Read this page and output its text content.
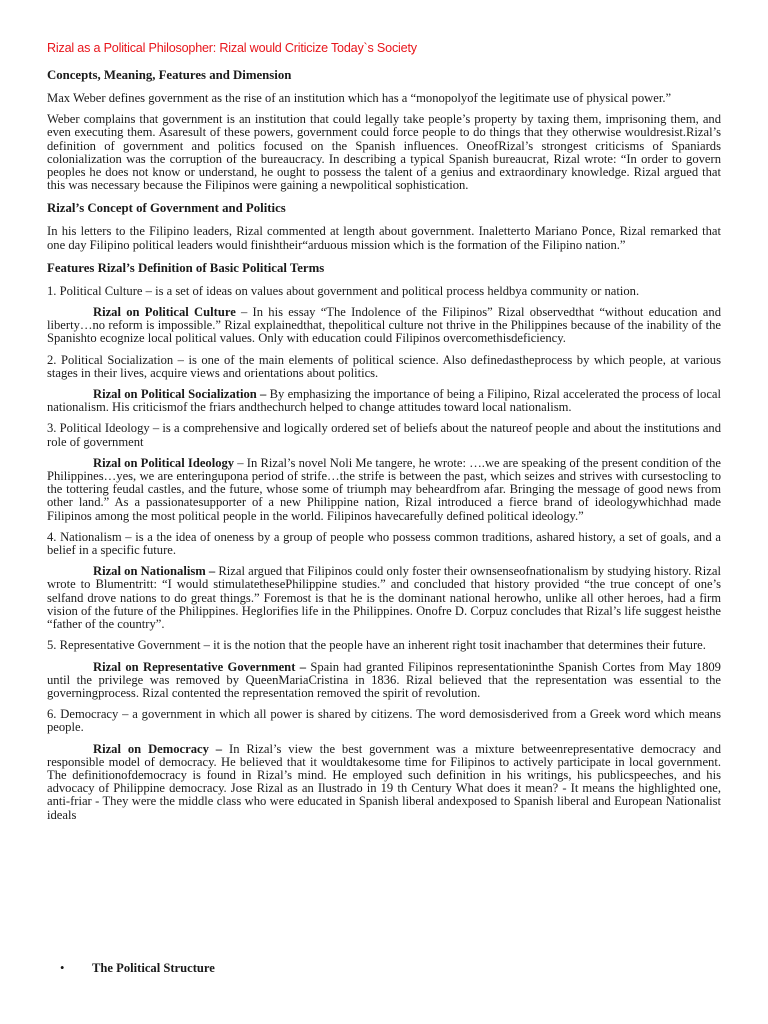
Rizal as a Political Philosopher: Rizal would Criticize Today`s Society
Concepts, Meaning, Features and Dimension

Max Weber defines government as the rise of an institution which has a “monopolyof the legitimate use of physical power.”

Weber complains that government is an institution that could legally take people’s property by taxing them, imprisoning them, and even executing them. Asaresult of these powers, government could force people to do things that they otherwise wouldresist.Rizal’s definition of government and politics focused on the Spanish influences. OneofRizal’s strongest criticisms of Spaniards colonialization was the corruption of the bureaucracy. In describing a typical Spanish bureaucrat, Rizal wrote: “In order to govern peoples he does not know or understand, he ought to possess the talent of a genius and extraordinary knowledge. Rizal argued that this was necessary because the Filipinos were gaining a newpolitical sophistication.

Rizal’s Concept of Government and Politics

In his letters to the Filipino leaders, Rizal commented at length about government. Inaletterto Mariano Ponce, Rizal remarked that one day Filipino political leaders would finishtheir“arduous mission which is the formation of the Filipino nation.”

Features Rizal’s Definition of Basic Political Terms

1. Political Culture – is a set of ideas on values about government and political process heldbya community or nation.

Rizal on Political Culture – In his essay “The Indolence of the Filipinos” Rizal observedthat “without education and liberty…no reform is impossible.” Rizal explainedthat, thepolitical culture not thrive in the Philippines because of the inability of the Spanishto ecognize local political values. Only with education could Filipinos overcomethisdeficiency.

2. Political Socialization – is one of the main elements of political science. Also definedastheprocess by which people, at various stages in their lives, acquire views and orientations about politics.

Rizal on Political Socialization – By emphasizing the importance of being a Filipino, Rizal accelerated the process of local nationalism. His criticismof the friars andthechurch helped to change attitudes toward local nationalism.

3. Political Ideology – is a comprehensive and logically ordered set of beliefs about the natureof people and about the institutions and role of government

Rizal on Political Ideology – In Rizal’s novel Noli Me tangere, he wrote: ….we are speaking of the present condition of the Philippines…yes, we are enteringupona period of strife…the strife is between the past, which seizes and strives with cursestocling to the tottering feudal castles, and the future, whose some of triumph may beheardfrom afar. Bringing the message of good news from other land.” As a passionatesupporter of a new Philippine nation, Rizal introduced a fierce brand of ideologywhichhad made Filipinos among the most political people in the world. Filipinos havecarefully defined political ideology.”

4. Nationalism – is a the idea of oneness by a group of people who possess common traditions, ashared history, a set of goals, and a belief in a specific future.

Rizal on Nationalism – Rizal argued that Filipinos could only foster their ownsenseofnationalism by studying history. Rizal wrote to Blumentritt: “I would stimulatethesePhilippine studies.” and concluded that history provided “the true concept of one’s selfand drove nations to do great things.” Foremost is that he is the dominant national herowho, unlike all other heroes, had a firm vision of the future of the Philippines. Heglorifies life in the Philippines. Onofre D. Corpuz concludes that Rizal’s life suggest heisthe “father of the country”.

5. Representative Government – it is the notion that the people have an inherent right tosit inachamber that determines their future.

Rizal on Representative Government – Spain had granted Filipinos representationinthe Spanish Cortes from May 1809 until the privilege was removed by QueenMariaCristina in 1836. Rizal believed that the representation was essential to the governingprocess. Rizal contented the representation removed the spirit of revolution.

6. Democracy – a government in which all power is shared by citizens. The word demosisderived from a Greek word which means people.

Rizal on Democracy – In Rizal’s view the best government was a mixture betweenrepresentative democracy and responsible model of democracy. He believed that it wouldtakesome time for Filipinos to actively participate in local government. The definitionofdemocracy is found in Rizal’s mind. He employed such definition in his writings, his publicspeeches, and his advocacy of Philippine democracy. Jose Rizal as an Ilustrado in 19 th Century What does it mean? - It means the highlighted one, anti-friar - They were the middle class who were educated in Spanish liberal andexposed to Spanish liberal and European Nationalist ideals

• The Political Structure
